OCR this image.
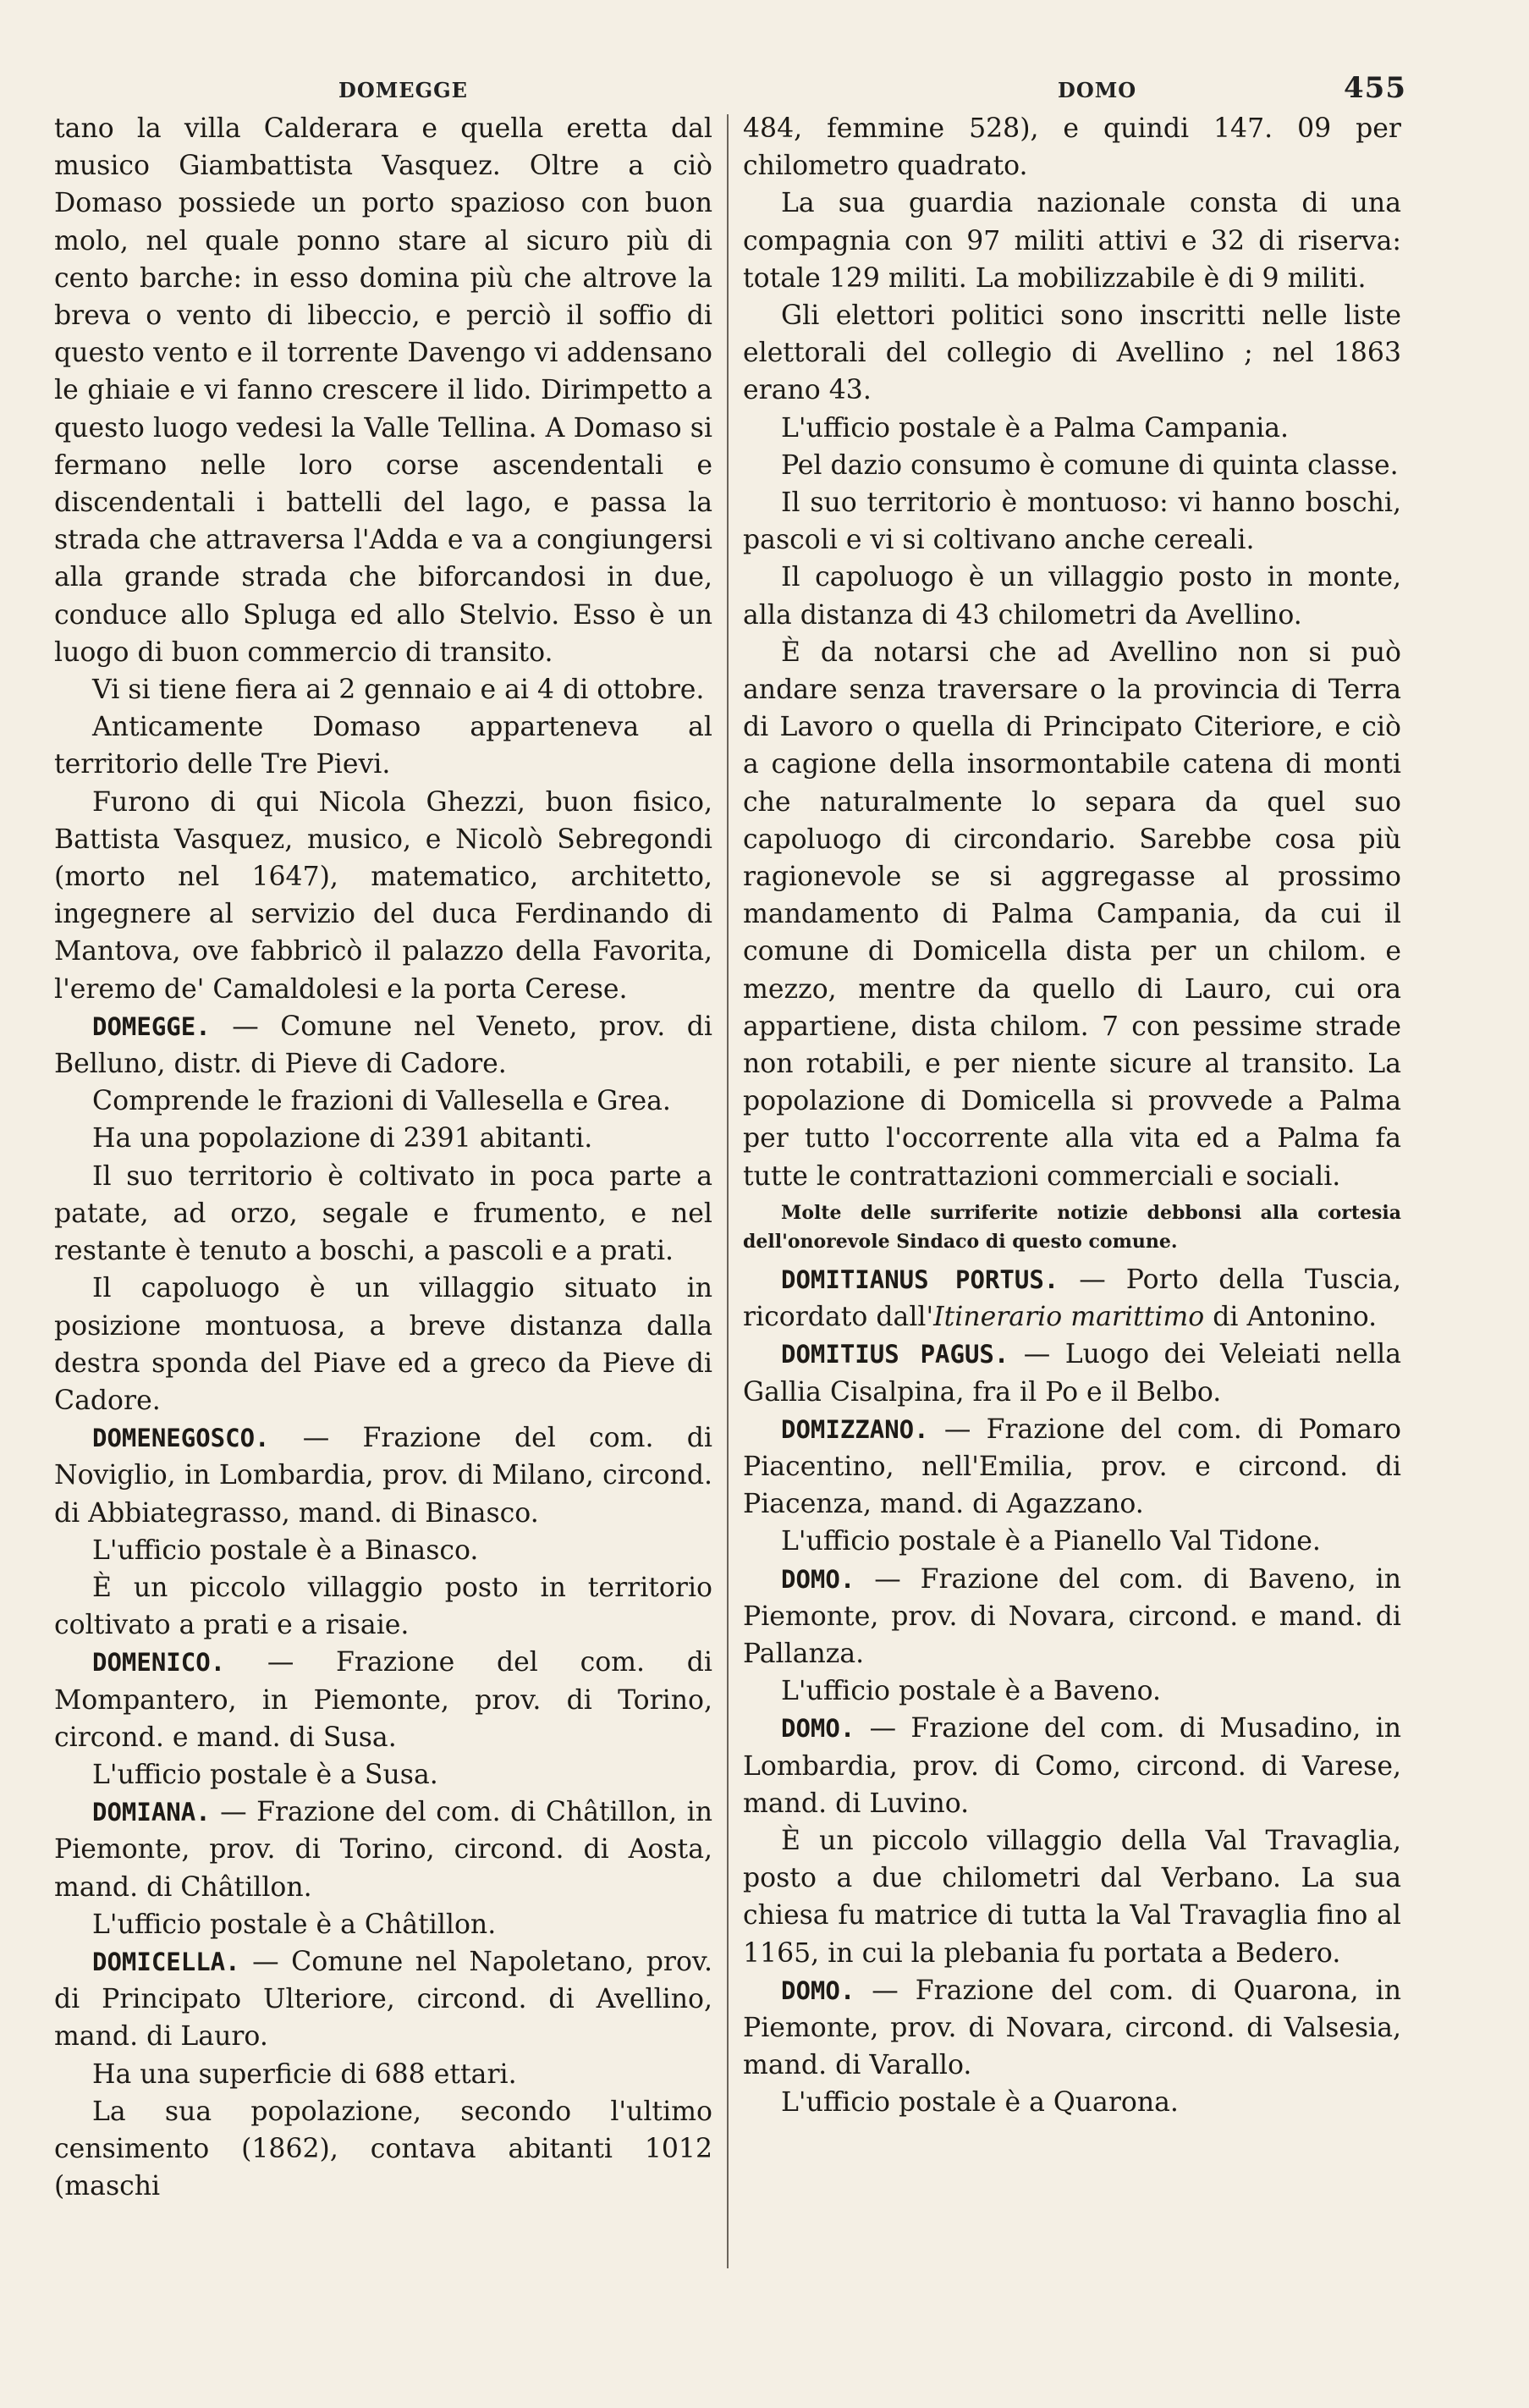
DOMEGGE	DOMO	455

tano la villa Calderara e quella eretta dal musico Giambattista Vasquez. Oltre a ciò Domaso possiede un porto spazioso con buon molo, nel quale ponno stare al sicuro più di cento barche: in esso domina più che altrove la breva o vento di libeccio, e perciò il soffio di questo vento e il torrente Davengo vi addensano le ghiaie e vi fanno crescere il lido. Dirimpetto a questo luogo vedesi la Valle Tellina. A Domaso si fermano nelle loro corse ascendentali e discendentali i battelli del lago, e passa la strada che attraversa l'Adda e va a congiungersi alla grande strada che biforcandosi in due, conduce allo Spluga ed allo Stelvio. Esso è un luogo di buon commercio di transito.

Vi si tiene fiera ai 2 gennaio e ai 4 di ottobre.

Anticamente Domaso apparteneva al territorio delle Tre Pievi.

Furono di qui Nicola Ghezzi, buon fisico, Battista Vasquez, musico, e Nicolò Sebregondi (morto nel 1647), matematico, architetto, ingegnere al servizio del duca Ferdinando di Mantova, ove fabbricò il palazzo della Favorita, l'eremo de' Camaldolesi e la porta Cerese.

DOMEGGE. — Comune nel Veneto, prov. di Belluno, distr. di Pieve di Cadore.

Comprende le frazioni di Vallesella e Grea.

Ha una popolazione di 2391 abitanti.

Il suo territorio è coltivato in poca parte a patate, ad orzo, segale e frumento, e nel restante è tenuto a boschi, a pascoli e a prati.

Il capoluogo è un villaggio situato in posizione montuosa, a breve distanza dalla destra sponda del Piave ed a greco da Pieve di Cadore.

DOMENEGOSCO. — Frazione del com. di Noviglio, in Lombardia, prov. di Milano, circond. di Abbiategrasso, mand. di Binasco.

L'ufficio postale è a Binasco.

È un piccolo villaggio posto in territorio coltivato a prati e a risaie.

DOMENICO. — Frazione del com. di Mompantero, in Piemonte, prov. di Torino, circond. e mand. di Susa.

L'ufficio postale è a Susa.

DOMIANA. — Frazione del com. di Châtillon, in Piemonte, prov. di Torino, circond. di Aosta, mand. di Châtillon.

L'ufficio postale è a Châtillon.

DOMICELLA. — Comune nel Napoletano, prov. di Principato Ulteriore, circond. di Avellino, mand. di Lauro.

Ha una superficie di 688 ettari.

La sua popolazione, secondo l'ultimo censimento (1862), contava abitanti 1012 (maschi

484, femmine 528), e quindi 147. 09 per chilometro quadrato.

La sua guardia nazionale consta di una compagnia con 97 militi attivi e 32 di riserva: totale 129 militi. La mobilizzabile è di 9 militi.

Gli elettori politici sono inscritti nelle liste elettorali del collegio di Avellino ; nel 1863 erano 43.

L'ufficio postale è a Palma Campania.

Pel dazio consumo è comune di quinta classe.

Il suo territorio è montuoso: vi hanno boschi, pascoli e vi si coltivano anche cereali.

Il capoluogo è un villaggio posto in monte, alla distanza di 43 chilometri da Avellino.

È da notarsi che ad Avellino non si può andare senza traversare o la provincia di Terra di Lavoro o quella di Principato Citeriore, e ciò a cagione della insormontabile catena di monti che naturalmente lo separa da quel suo capoluogo di circondario. Sarebbe cosa più ragionevole se si aggregasse al prossimo mandamento di Palma Campania, da cui il comune di Domicella dista per un chilom. e mezzo, mentre da quello di Lauro, cui ora appartiene, dista chilom. 7 con pessime strade non rotabili, e per niente sicure al transito. La popolazione di Domicella si provvede a Palma per tutto l'occorrente alla vita ed a Palma fa tutte le contrattazioni commerciali e sociali.

Molte delle surriferite notizie debbonsi alla cortesia dell'onorevole Sindaco di questo comune.

DOMITIANUS PORTUS. — Porto della Tuscia, ricordato dall'Itinerario marittimo di Antonino.

DOMITIUS PAGUS. — Luogo dei Veleiati nella Gallia Cisalpina, fra il Po e il Belbo.

DOMIZZANO. — Frazione del com. di Pomaro Piacentino, nell'Emilia, prov. e circond. di Piacenza, mand. di Agazzano.

L'ufficio postale è a Pianello Val Tidone.

DOMO. — Frazione del com. di Baveno, in Piemonte, prov. di Novara, circond. e mand. di Pallanza.

L'ufficio postale è a Baveno.

DOMO. — Frazione del com. di Musadino, in Lombardia, prov. di Como, circond. di Varese, mand. di Luvino.

È un piccolo villaggio della Val Travaglia, posto a due chilometri dal Verbano. La sua chiesa fu matrice di tutta la Val Travaglia fino al 1165, in cui la plebania fu portata a Bedero.

DOMO. — Frazione del com. di Quarona, in Piemonte, prov. di Novara, circond. di Valsesia, mand. di Varallo.

L'ufficio postale è a Quarona.
